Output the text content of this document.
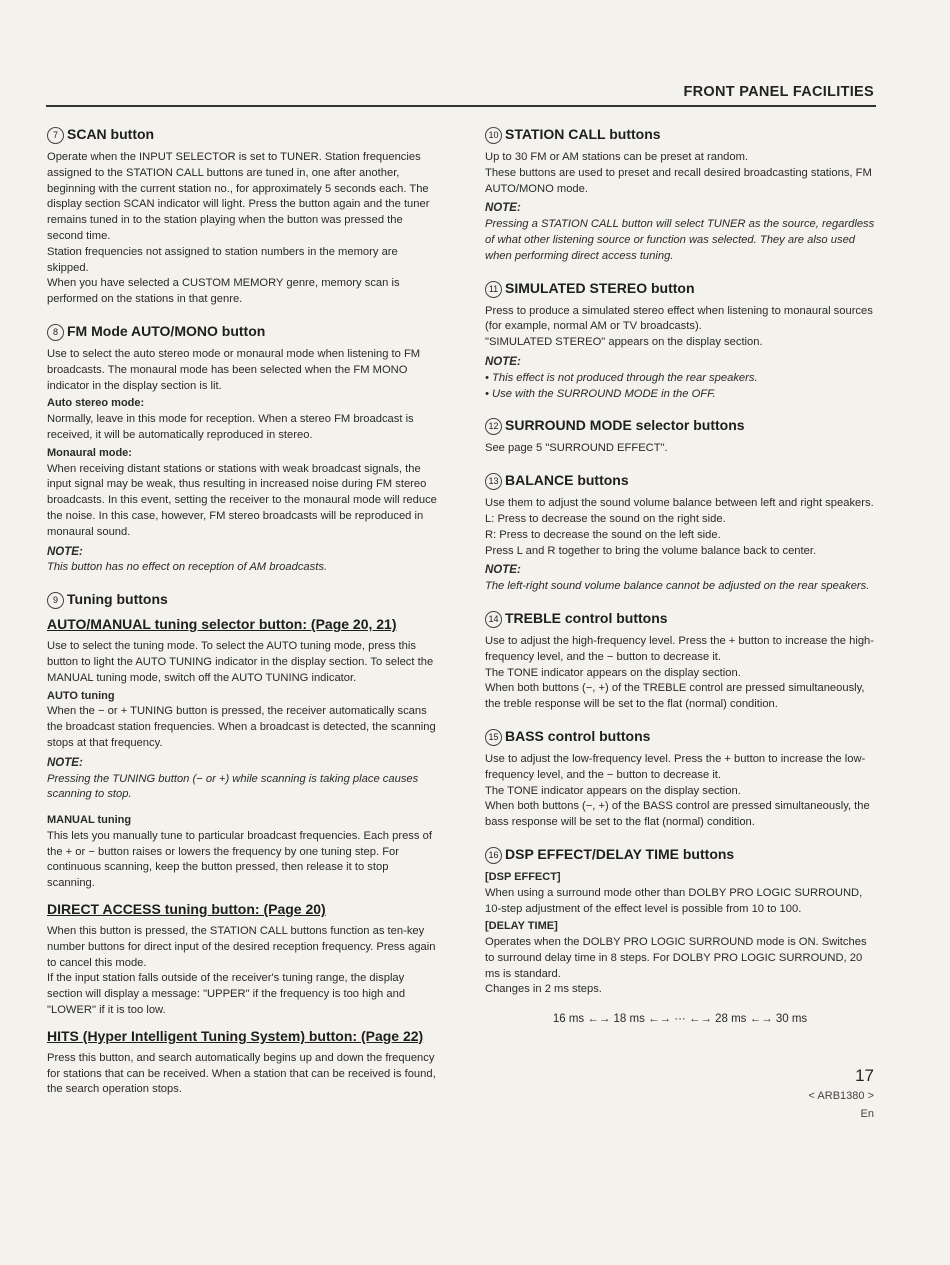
FRONT PANEL FACILITIES
7 SCAN button

Operate when the INPUT SELECTOR is set to TUNER. Station frequencies assigned to the STATION CALL buttons are tuned in, one after another, beginning with the current station no., for approximately 5 seconds each. The display section SCAN indicator will light. Press the button again and the tuner remains tuned in to the station playing when the button was pressed the second time.

Station frequencies not assigned to station numbers in the memory are skipped.

When you have selected a CUSTOM MEMORY genre, memory scan is performed on the stations in that genre.

8 FM Mode AUTO/MONO button

Use to select the auto stereo mode or monaural mode when listening to FM broadcasts. The monaural mode has been selected when the FM MONO indicator in the display section is lit.

Auto stereo mode:

Normally, leave in this mode for reception. When a stereo FM broadcast is received, it will be automatically reproduced in stereo.

Monaural mode:

When receiving distant stations or stations with weak broadcast signals, the input signal may be weak, thus resulting in increased noise during FM stereo broadcasts. In this event, setting the receiver to the monaural mode will reduce the noise. In this case, however, FM stereo broadcasts will be reproduced in monaural sound.

NOTE:

This button has no effect on reception of AM broadcasts.

9 Tuning buttons
AUTO/MANUAL tuning selector button: (Page 20, 21)

Use to select the tuning mode. To select the AUTO tuning mode, press this button to light the AUTO TUNING indicator in the display section. To select the MANUAL tuning mode, switch off the AUTO TUNING indicator.

AUTO tuning

When the − or + TUNING button is pressed, the receiver automatically scans the broadcast station frequencies. When a broadcast is detected, the scanning stops at that frequency.

NOTE:

Pressing the TUNING button (− or +) while scanning is taking place causes scanning to stop.

MANUAL tuning

This lets you manually tune to particular broadcast frequencies. Each press of the + or − button raises or lowers the frequency by one tuning step. For continuous scanning, keep the button pressed, then release it to stop scanning.

DIRECT ACCESS tuning button: (Page 20)

When this button is pressed, the STATION CALL buttons function as ten-key number buttons for direct input of the desired reception frequency. Press again to cancel this mode.

If the input station falls outside of the receiver's tuning range, the display section will display a message: "UPPER" if the frequency is too high and "LOWER" if it is too low.

HITS (Hyper Intelligent Tuning System) button: (Page 22)

Press this button, and search automatically begins up and down the frequency for stations that can be received. When a station that can be received is found, the search operation stops.

10 STATION CALL buttons

Up to 30 FM or AM stations can be preset at random.

These buttons are used to preset and recall desired broadcasting stations, FM AUTO/MONO mode.

NOTE:

Pressing a STATION CALL button will select TUNER as the source, regardless of what other listening source or function was selected. They are also used when performing direct access tuning.

11 SIMULATED STEREO button

Press to produce a simulated stereo effect when listening to monaural sources (for example, normal AM or TV broadcasts).

"SIMULATED STEREO" appears on the display section.

NOTE:

• This effect is not produced through the rear speakers.

• Use with the SURROUND MODE in the OFF.

12 SURROUND MODE selector buttons

See page 5 "SURROUND EFFECT".

13 BALANCE buttons

Use them to adjust the sound volume balance between left and right speakers.

L: Press to decrease the sound on the right side.

R: Press to decrease the sound on the left side.

Press L and R together to bring the volume balance back to center.

NOTE:

The left-right sound volume balance cannot be adjusted on the rear speakers.

14 TREBLE control buttons

Use to adjust the high-frequency level. Press the + button to increase the high-frequency level, and the − button to decrease it.

The TONE indicator appears on the display section.

When both buttons (−, +) of the TREBLE control are pressed simultaneously, the treble response will be set to the flat (normal) condition.

15 BASS control buttons

Use to adjust the low-frequency level. Press the + button to increase the low-frequency level, and the − button to decrease it.

The TONE indicator appears on the display section.

When both buttons (−, +) of the BASS control are pressed simultaneously, the bass response will be set to the flat (normal) condition.

16 DSP EFFECT/DELAY TIME buttons
[DSP EFFECT]

When using a surround mode other than DOLBY PRO LOGIC SURROUND, 10-step adjustment of the effect level is possible from 10 to 100.

[DELAY TIME]

Operates when the DOLBY PRO LOGIC SURROUND mode is ON. Switches to surround delay time in 8 steps. For DOLBY PRO LOGIC SURROUND, 20 ms is standard.

Changes in 2 ms steps.

16 ms ←→ 18 ms ←→ ··· ←→ 28 ms ←→ 30 ms
17
< ARB1380 >
En
